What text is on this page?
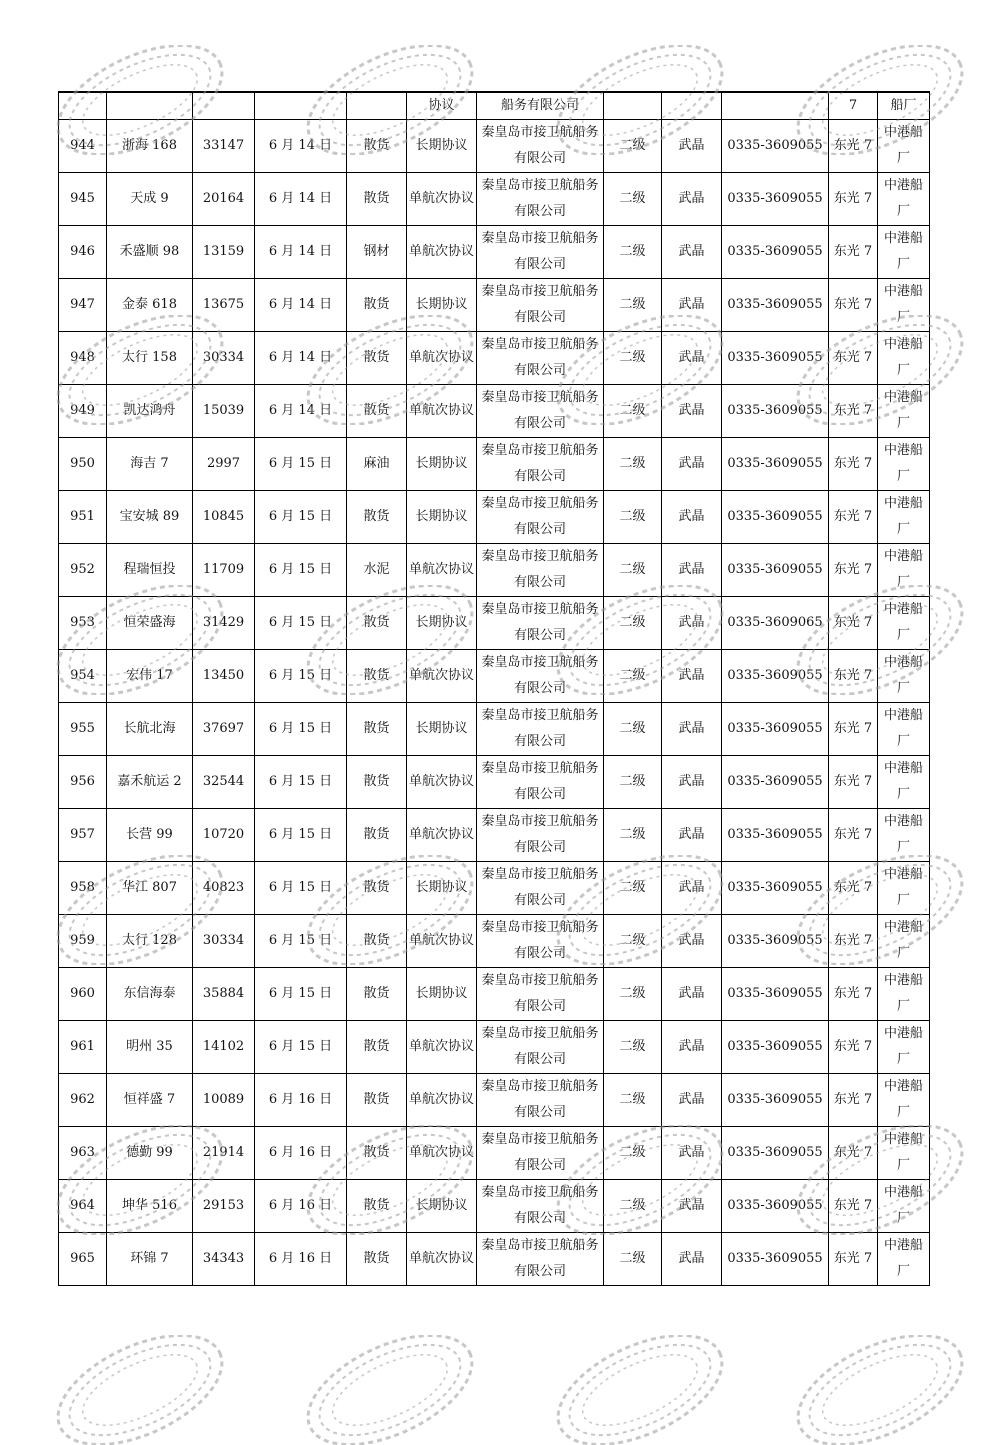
					协议	船务有限公司				7	船厂
944	浙海 168	33147	6 月 14 日	散货	长期协议	秦皇岛市接卫航船务有限公司	二级	武晶	0335-3609055	东光 7	中港船厂
945	天成 9	20164	6 月 14 日	散货	单航次协议	秦皇岛市接卫航船务有限公司	二级	武晶	0335-3609055	东光 7	中港船厂
946	禾盛顺 98	13159	6 月 14 日	钢材	单航次协议	秦皇岛市接卫航船务有限公司	二级	武晶	0335-3609055	东光 7	中港船厂
947	金泰 618	13675	6 月 14 日	散货	长期协议	秦皇岛市接卫航船务有限公司	二级	武晶	0335-3609055	东光 7	中港船厂
948	太行 158	30334	6 月 14 日	散货	单航次协议	秦皇岛市接卫航船务有限公司	二级	武晶	0335-3609055	东光 7	中港船厂
949	凯达鸿舟	15039	6 月 14 日	散货	单航次协议	秦皇岛市接卫航船务有限公司	二级	武晶	0335-3609055	东光 7	中港船厂
950	海吉 7	2997	6 月 15 日	麻油	长期协议	秦皇岛市接卫航船务有限公司	二级	武晶	0335-3609055	东光 7	中港船厂
951	宝安城 89	10845	6 月 15 日	散货	长期协议	秦皇岛市接卫航船务有限公司	二级	武晶	0335-3609055	东光 7	中港船厂
952	程瑞恒投	11709	6 月 15 日	水泥	单航次协议	秦皇岛市接卫航船务有限公司	二级	武晶	0335-3609055	东光 7	中港船厂
953	恒荣盛海	31429	6 月 15 日	散货	长期协议	秦皇岛市接卫航船务有限公司	二级	武晶	0335-3609065	东光 7	中港船厂
954	宏伟 17	13450	6 月 15 日	散货	单航次协议	秦皇岛市接卫航船务有限公司	二级	武晶	0335-3609055	东光 7	中港船厂
955	长航北海	37697	6 月 15 日	散货	长期协议	秦皇岛市接卫航船务有限公司	二级	武晶	0335-3609055	东光 7	中港船厂
956	嘉禾航运 2	32544	6 月 15 日	散货	单航次协议	秦皇岛市接卫航船务有限公司	二级	武晶	0335-3609055	东光 7	中港船厂
957	长营 99	10720	6 月 15 日	散货	单航次协议	秦皇岛市接卫航船务有限公司	二级	武晶	0335-3609055	东光 7	中港船厂
958	华江 807	40823	6 月 15 日	散货	长期协议	秦皇岛市接卫航船务有限公司	二级	武晶	0335-3609055	东光 7	中港船厂
959	太行 128	30334	6 月 15 日	散货	单航次协议	秦皇岛市接卫航船务有限公司	二级	武晶	0335-3609055	东光 7	中港船厂
960	东信海泰	35884	6 月 15 日	散货	长期协议	秦皇岛市接卫航船务有限公司	二级	武晶	0335-3609055	东光 7	中港船厂
961	明州 35	14102	6 月 15 日	散货	单航次协议	秦皇岛市接卫航船务有限公司	二级	武晶	0335-3609055	东光 7	中港船厂
962	恒祥盛 7	10089	6 月 16 日	散货	单航次协议	秦皇岛市接卫航船务有限公司	二级	武晶	0335-3609055	东光 7	中港船厂
963	德勤 99	21914	6 月 16 日	散货	单航次协议	秦皇岛市接卫航船务有限公司	二级	武晶	0335-3609055	东光 7	中港船厂
964	坤华 516	29153	6 月 16 日	散货	长期协议	秦皇岛市接卫航船务有限公司	二级	武晶	0335-3609055	东光 7	中港船厂
965	环锦 7	34343	6 月 16 日	散货	单航次协议	秦皇岛市接卫航船务有限公司	二级	武晶	0335-3609055	东光 7	中港船厂
